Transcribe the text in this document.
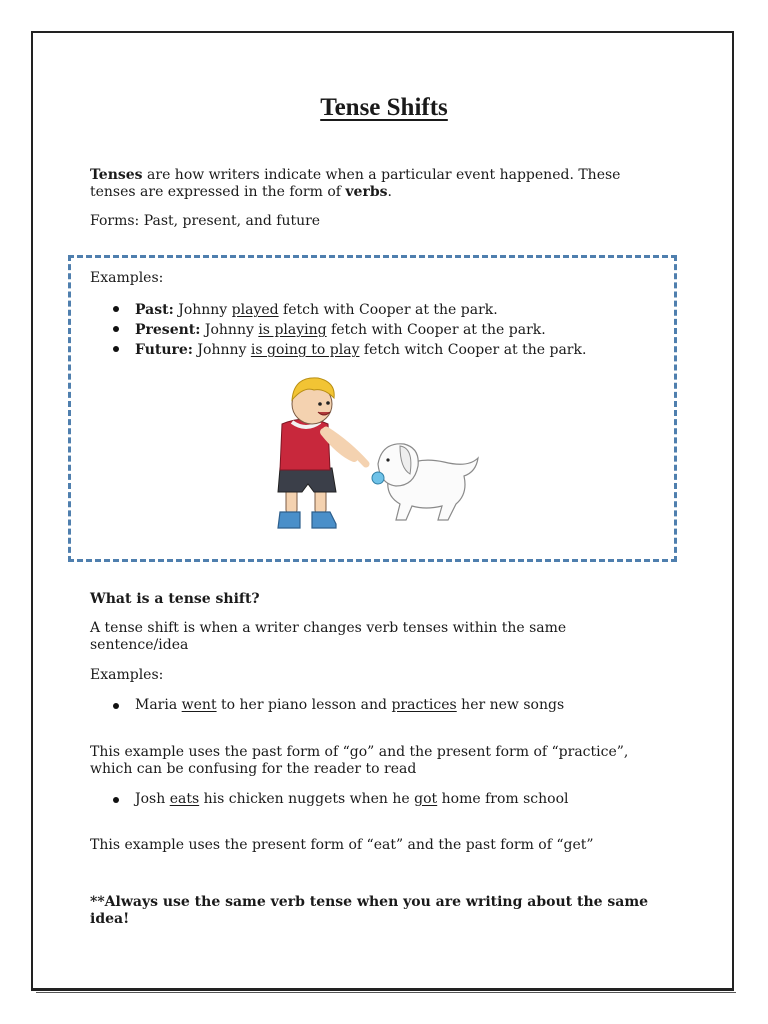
Tense Shifts
Tenses are how writers indicate when a particular event happened. These
tenses are expressed in the form of verbs.
Forms: Past, present, and future
Examples:
Past: Johnny played fetch with Cooper at the park.
Present: Johnny is playing fetch with Cooper at the park.
Future: Johnny is going to play fetch witch Cooper at the park.
What is a tense shift?
A tense shift is when a writer changes verb tenses within the same sentence/idea
Examples:
Maria went to her piano lesson and practices her new songs
This example uses the past form of “go” and the present form of “practice”, which can be confusing for the reader to read
Josh eats his chicken nuggets when he got home from school
This example uses the present form of “eat” and the past form of “get”
**Always use the same verb tense when you are writing about the same idea!
